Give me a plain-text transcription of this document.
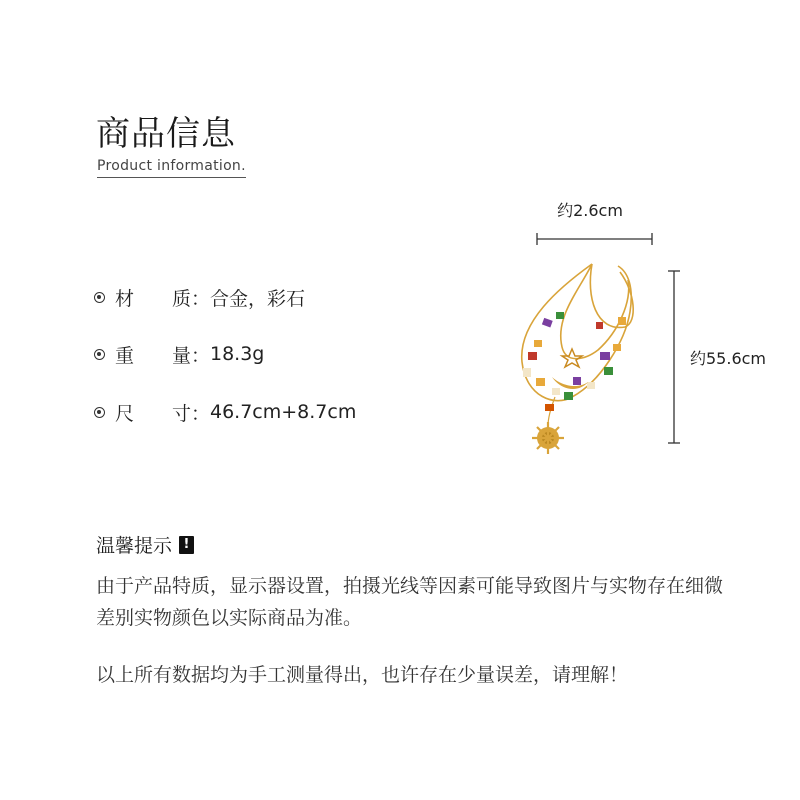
商品信息
Product information.
材　　质： 合金，彩石
重　　量： 18.3g
尺　　寸： 46.7cm+8.7cm
约2.6cm
约55.6cm
温馨提示 !
由于产品特质，显示器设置，拍摄光线等因素可能导致图片与实物存在细微差别实物颜色以实际商品为准。
以上所有数据均为手工测量得出，也许存在少量误差，请理解！
